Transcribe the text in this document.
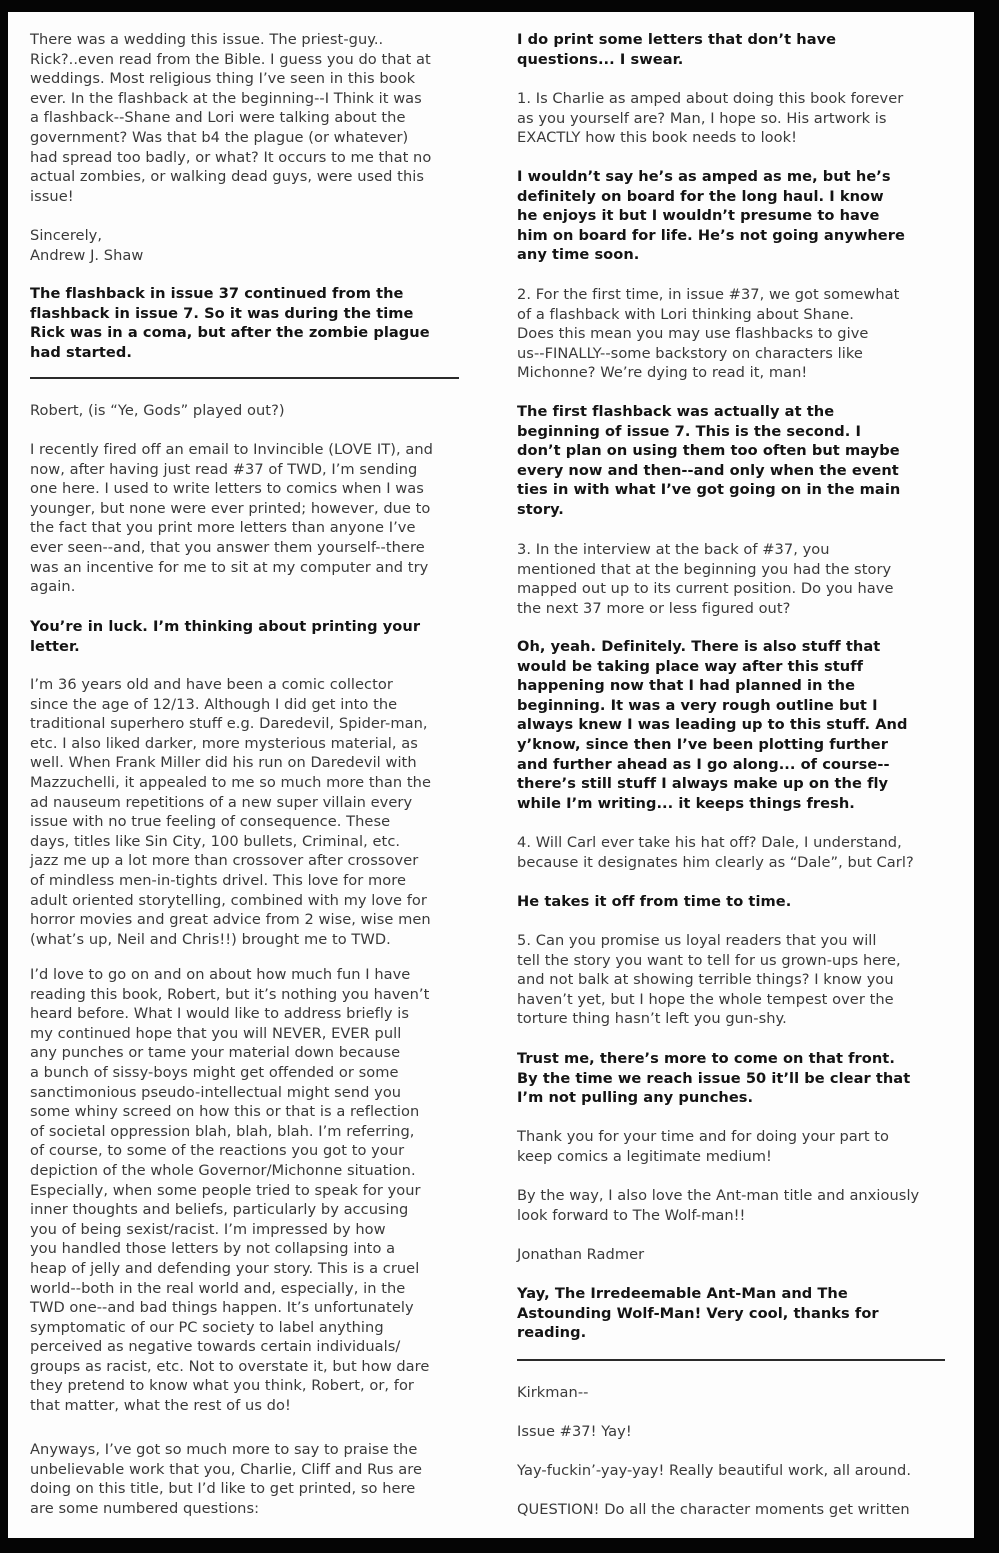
There was a wedding this issue. The priest-guy..
Rick?..even read from the Bible. I guess you do that at
weddings. Most religious thing I’ve seen in this book
ever. In the flashback at the beginning--I Think it was
a flashback--Shane and Lori were talking about the
government? Was that b4 the plague (or whatever)
had spread too badly, or what? It occurs to me that no
actual zombies, or walking dead guys, were used this
issue!
Sincerely,
Andrew J. Shaw
The flashback in issue 37 continued from the
flashback in issue 7. So it was during the time
Rick was in a coma, but after the zombie plague
had started.
Robert, (is “Ye, Gods” played out?)
I recently fired off an email to Invincible (LOVE IT), and
now, after having just read #37 of TWD, I’m sending
one here. I used to write letters to comics when I was
younger, but none were ever printed; however, due to
the fact that you print more letters than anyone I’ve
ever seen--and, that you answer them yourself--there
was an incentive for me to sit at my computer and try
again.
You’re in luck. I’m thinking about printing your
letter.
I’m 36 years old and have been a comic collector
since the age of 12/13. Although I did get into the
traditional superhero stuff e.g. Daredevil, Spider-man,
etc. I also liked darker, more mysterious material, as
well. When Frank Miller did his run on Daredevil with
Mazzuchelli, it appealed to me so much more than the
ad nauseum repetitions of a new super villain every
issue with no true feeling of consequence. These
days, titles like Sin City, 100 bullets, Criminal, etc.
jazz me up a lot more than crossover after crossover
of mindless men-in-tights drivel. This love for more
adult oriented storytelling, combined with my love for
horror movies and great advice from 2 wise, wise men
(what’s up, Neil and Chris!!) brought me to TWD.
I’d love to go on and on about how much fun I have
reading this book, Robert, but it’s nothing you haven’t
heard before. What I would like to address briefly is
my continued hope that you will NEVER, EVER pull
any punches or tame your material down because
a bunch of sissy-boys might get offended or some
sanctimonious pseudo-intellectual might send you
some whiny screed on how this or that is a reflection
of societal oppression blah, blah, blah. I’m referring,
of course, to some of the reactions you got to your
depiction of the whole Governor/Michonne situation.
Especially, when some people tried to speak for your
inner thoughts and beliefs, particularly by accusing
you of being sexist/racist. I’m impressed by how
you handled those letters by not collapsing into a
heap of jelly and defending your story. This is a cruel
world--both in the real world and, especially, in the
TWD one--and bad things happen. It’s unfortunately
symptomatic of our PC society to label anything
perceived as negative towards certain individuals/
groups as racist, etc. Not to overstate it, but how dare
they pretend to know what you think, Robert, or, for
that matter, what the rest of us do!
Anyways, I’ve got so much more to say to praise the
unbelievable work that you, Charlie, Cliff and Rus are
doing on this title, but I’d like to get printed, so here
are some numbered questions:
I do print some letters that don’t have
questions... I swear.
1. Is Charlie as amped about doing this book forever
as you yourself are? Man, I hope so. His artwork is
EXACTLY how this book needs to look!
I wouldn’t say he’s as amped as me, but he’s
definitely on board for the long haul. I know
he enjoys it but I wouldn’t presume to have
him on board for life. He’s not going anywhere
any time soon.
2. For the first time, in issue #37, we got somewhat
of a flashback with Lori thinking about Shane.
Does this mean you may use flashbacks to give
us--FINALLY--some backstory on characters like
Michonne? We’re dying to read it, man!
The first flashback was actually at the
beginning of issue 7. This is the second. I
don’t plan on using them too often but maybe
every now and then--and only when the event
ties in with what I’ve got going on in the main
story.
3. In the interview at the back of #37, you
mentioned that at the beginning you had the story
mapped out up to its current position. Do you have
the next 37 more or less figured out?
Oh, yeah. Definitely. There is also stuff that
would be taking place way after this stuff
happening now that I had planned in the
beginning. It was a very rough outline but I
always knew I was leading up to this stuff. And
y’know, since then I’ve been plotting further
and further ahead as I go along... of course--
there’s still stuff I always make up on the fly
while I’m writing... it keeps things fresh.
4. Will Carl ever take his hat off? Dale, I understand,
because it designates him clearly as “Dale”, but Carl?
He takes it off from time to time.
5. Can you promise us loyal readers that you will
tell the story you want to tell for us grown-ups here,
and not balk at showing terrible things? I know you
haven’t yet, but I hope the whole tempest over the
torture thing hasn’t left you gun-shy.
Trust me, there’s more to come on that front.
By the time we reach issue 50 it’ll be clear that
I’m not pulling any punches.
Thank you for your time and for doing your part to
keep comics a legitimate medium!
By the way, I also love the Ant-man title and anxiously
look forward to The Wolf-man!!
Jonathan Radmer
Yay, The Irredeemable Ant-Man and The
Astounding Wolf-Man! Very cool, thanks for
reading.
Kirkman--
Issue #37! Yay!
Yay-fuckin’-yay-yay! Really beautiful work, all around.
QUESTION! Do all the character moments get written
